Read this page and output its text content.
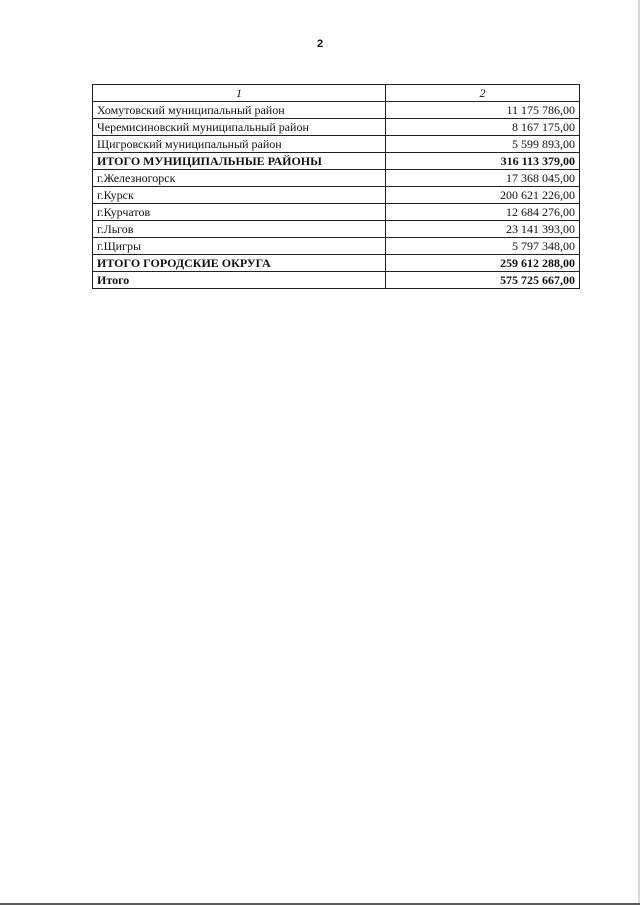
2
1	2
Хомутовский муниципальный район	11 175 786,00
Черемисиновский муниципальный район	8 167 175,00
Щигровский муниципальный район	5 599 893,00
ИТОГО МУНИЦИПАЛЬНЫЕ РАЙОНЫ	316 113 379,00
г.Железногорск	17 368 045,00
г.Курск	200 621 226,00
г.Курчатов	12 684 276,00
г.Льгов	23 141 393,00
г.Щигры	5 797 348,00
ИТОГО ГОРОДСКИЕ ОКРУГА	259 612 288,00
Итого	575 725 667,00
